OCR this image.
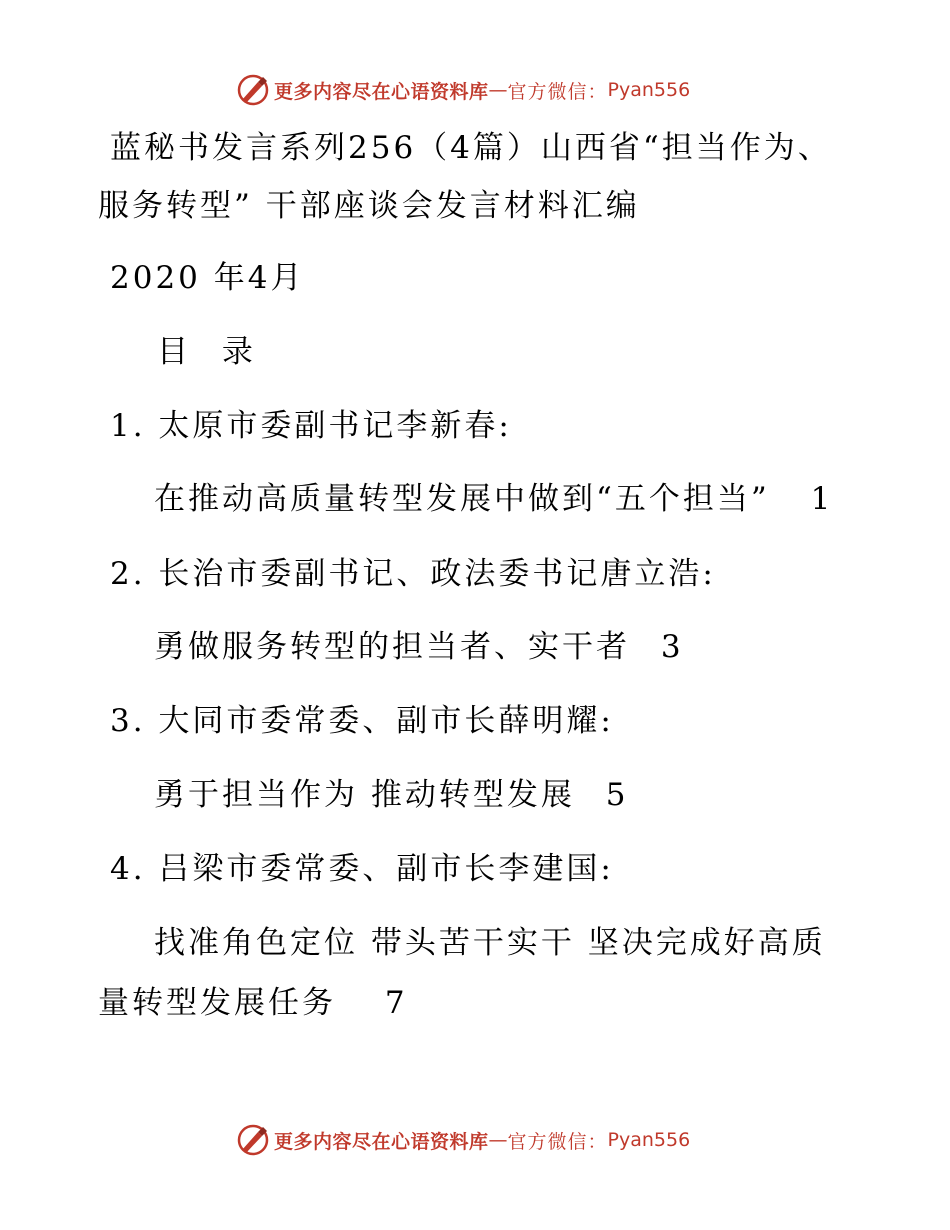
更多内容尽在心语资料库 — 官方微信： Pyan556
蓝秘书发言系列256（4篇）山西省“担当作为、
服务转型” 干部座谈会发言材料汇编
2020 年4月
目 录
1. 太原市委副书记李新春:
在推动高质量转型发展中做到“五个担当” 1
2. 长治市委副书记、政法委书记唐立浩:
勇做服务转型的担当者、实干者 3
3. 大同市委常委、副市长薛明耀:
勇于担当作为 推动转型发展 5
4. 吕梁市委常委、副市长李建国:
找准角色定位 带头苦干实干 坚决完成好高质
量转型发展任务 7
更多内容尽在心语资料库 — 官方微信： Pyan556
